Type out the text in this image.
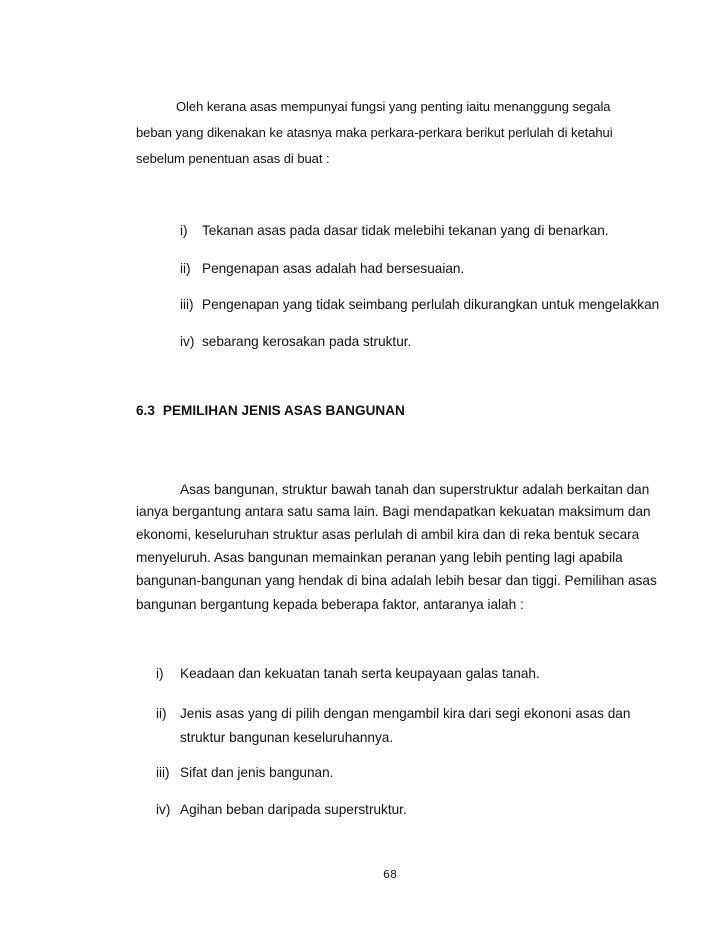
Oleh kerana asas mempunyai fungsi yang penting iaitu menanggung segala
beban yang dikenakan ke atasnya maka perkara-perkara berikut perlulah di ketahui
sebelum penentuan asas di buat :
i) Tekanan asas pada dasar tidak melebihi tekanan yang di benarkan.
ii) Pengenapan asas adalah had bersesuaian.
iii) Pengenapan yang tidak seimbang perlulah dikurangkan untuk mengelakkan
iv) sebarang kerosakan pada struktur.
6.3 PEMILIHAN JENIS ASAS BANGUNAN
Asas bangunan, struktur bawah tanah dan superstruktur adalah berkaitan dan
ianya bergantung antara satu sama lain. Bagi mendapatkan kekuatan maksimum dan
ekonomi, keseluruhan struktur asas perlulah di ambil kira dan di reka bentuk secara
menyeluruh. Asas bangunan memainkan peranan yang lebih penting lagi apabila
bangunan-bangunan yang hendak di bina adalah lebih besar dan tiggi. Pemilihan asas
bangunan bergantung kepada beberapa faktor, antaranya ialah :
i) Keadaan dan kekuatan tanah serta keupayaan galas tanah.
ii) Jenis asas yang di pilih dengan mengambil kira dari segi ekononi asas dan
struktur bangunan keseluruhannya.
iii) Sifat dan jenis bangunan.
iv) Agihan beban daripada superstruktur.
68
